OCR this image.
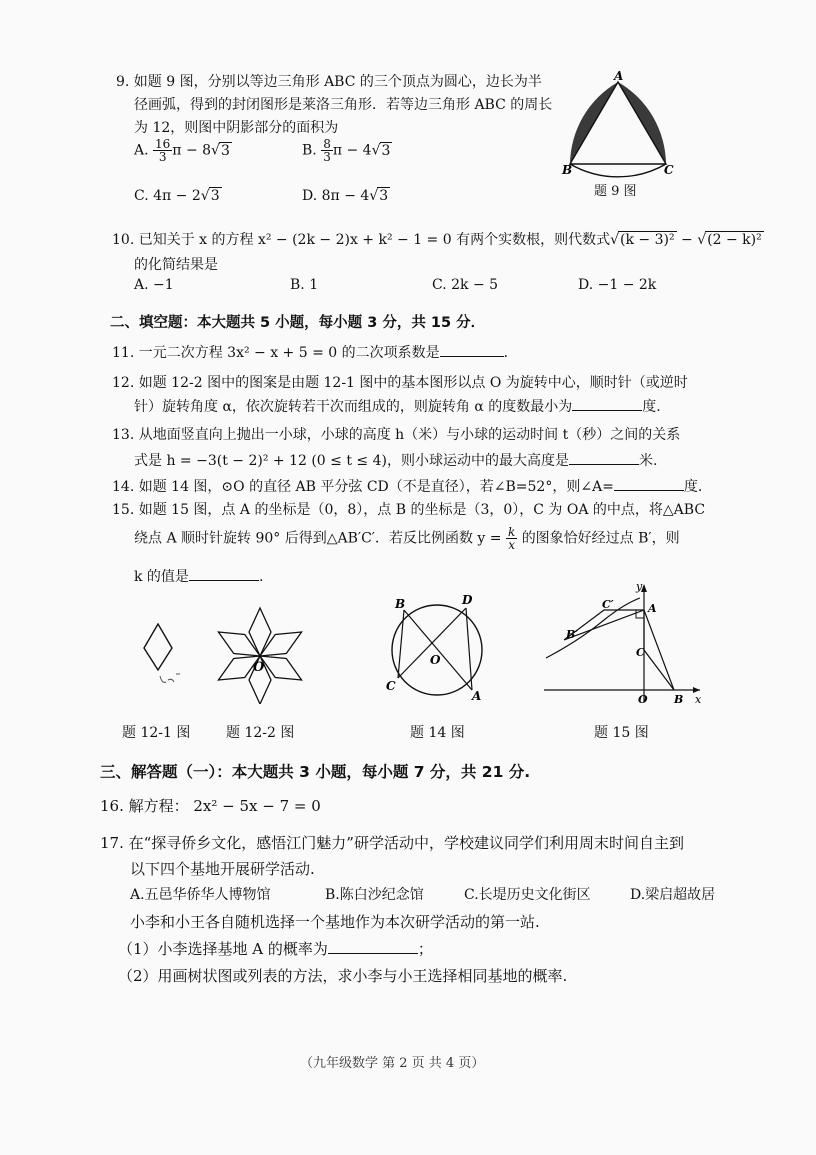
9. 如题 9 图，分别以等边三角形 ABC 的三个顶点为圆心，边长为半
径画弧，得到的封闭图形是莱洛三角形．若等边三角形 ABC 的周长
为 12，则图中阴影部分的面积为
A. $\frac{16}{3}$ π − 8√3	B. $\frac{8}{3}$ π − 4√3
C. 4π − 2√3	D. 8π − 4√3
A
B	C
题 9 图
10. 已知关于 x 的方程 x² − (2k − 2)x + k² − 1 = 0 有两个实数根，则代数式√(k − 3)² − √(2 − k)²
的化简结果是
A. −1	B. 1	C. 2k − 5	D. −1 − 2k
二、填空题：本大题共 5 小题，每小题 3 分，共 15 分．
11. 一元二次方程 3x² − x + 5 = 0 的二次项系数是	．
12. 如题 12-2 图中的图案是由题 12-1 图中的基本图形以点 O 为旋转中心，顺时针（或逆时
针）旋转角度 α，依次旋转若干次而组成的，则旋转角 α 的度数最小为	度.
13. 从地面竖直向上抛出一小球，小球的高度 h（米）与小球的运动时间 t（秒）之间的关系
式是 h = −3(t − 2)² + 12 (0 ≤ t ≤ 4)，则小球运动中的最大高度是	米.
14. 如题 14 图，⊙O 的直径 AB 平分弦 CD（不是直径），若∠B=52°，则∠A=	度.
15. 如题 15 图，点 A 的坐标是（0，8），点 B 的坐标是（3，0），C 为 OA 的中点，将△ABC
绕点 A 顺时针旋转 90° 后得到△AB′C′．若反比例函数 $y = \frac{k}{x}$ 的图象恰好经过点 B′，则
k 的值是	.
O
B	D
O
C
A
y
C′	A
B′
C
O B x
题 12-1 图	题 12-2 图	题 14 图	题 15 图
三、解答题（一）：本大题共 3 小题，每小题 7 分，共 21 分.
16. 解方程： 2x² − 5x − 7 = 0
17. 在“探寻侨乡文化，感悟江门魅力”研学活动中，学校建议同学们利用周末时间自主到
以下四个基地开展研学活动.
A.五邑华侨华人博物馆	B.陈白沙纪念馆	C.长堤历史文化街区	D.梁启超故居
小李和小王各自随机选择一个基地作为本次研学活动的第一站.
（1）小李选择基地 A 的概率为	；
（2）用画树状图或列表的方法，求小李与小王选择相同基地的概率.
（九年级数学 第 2 页 共 4 页）
